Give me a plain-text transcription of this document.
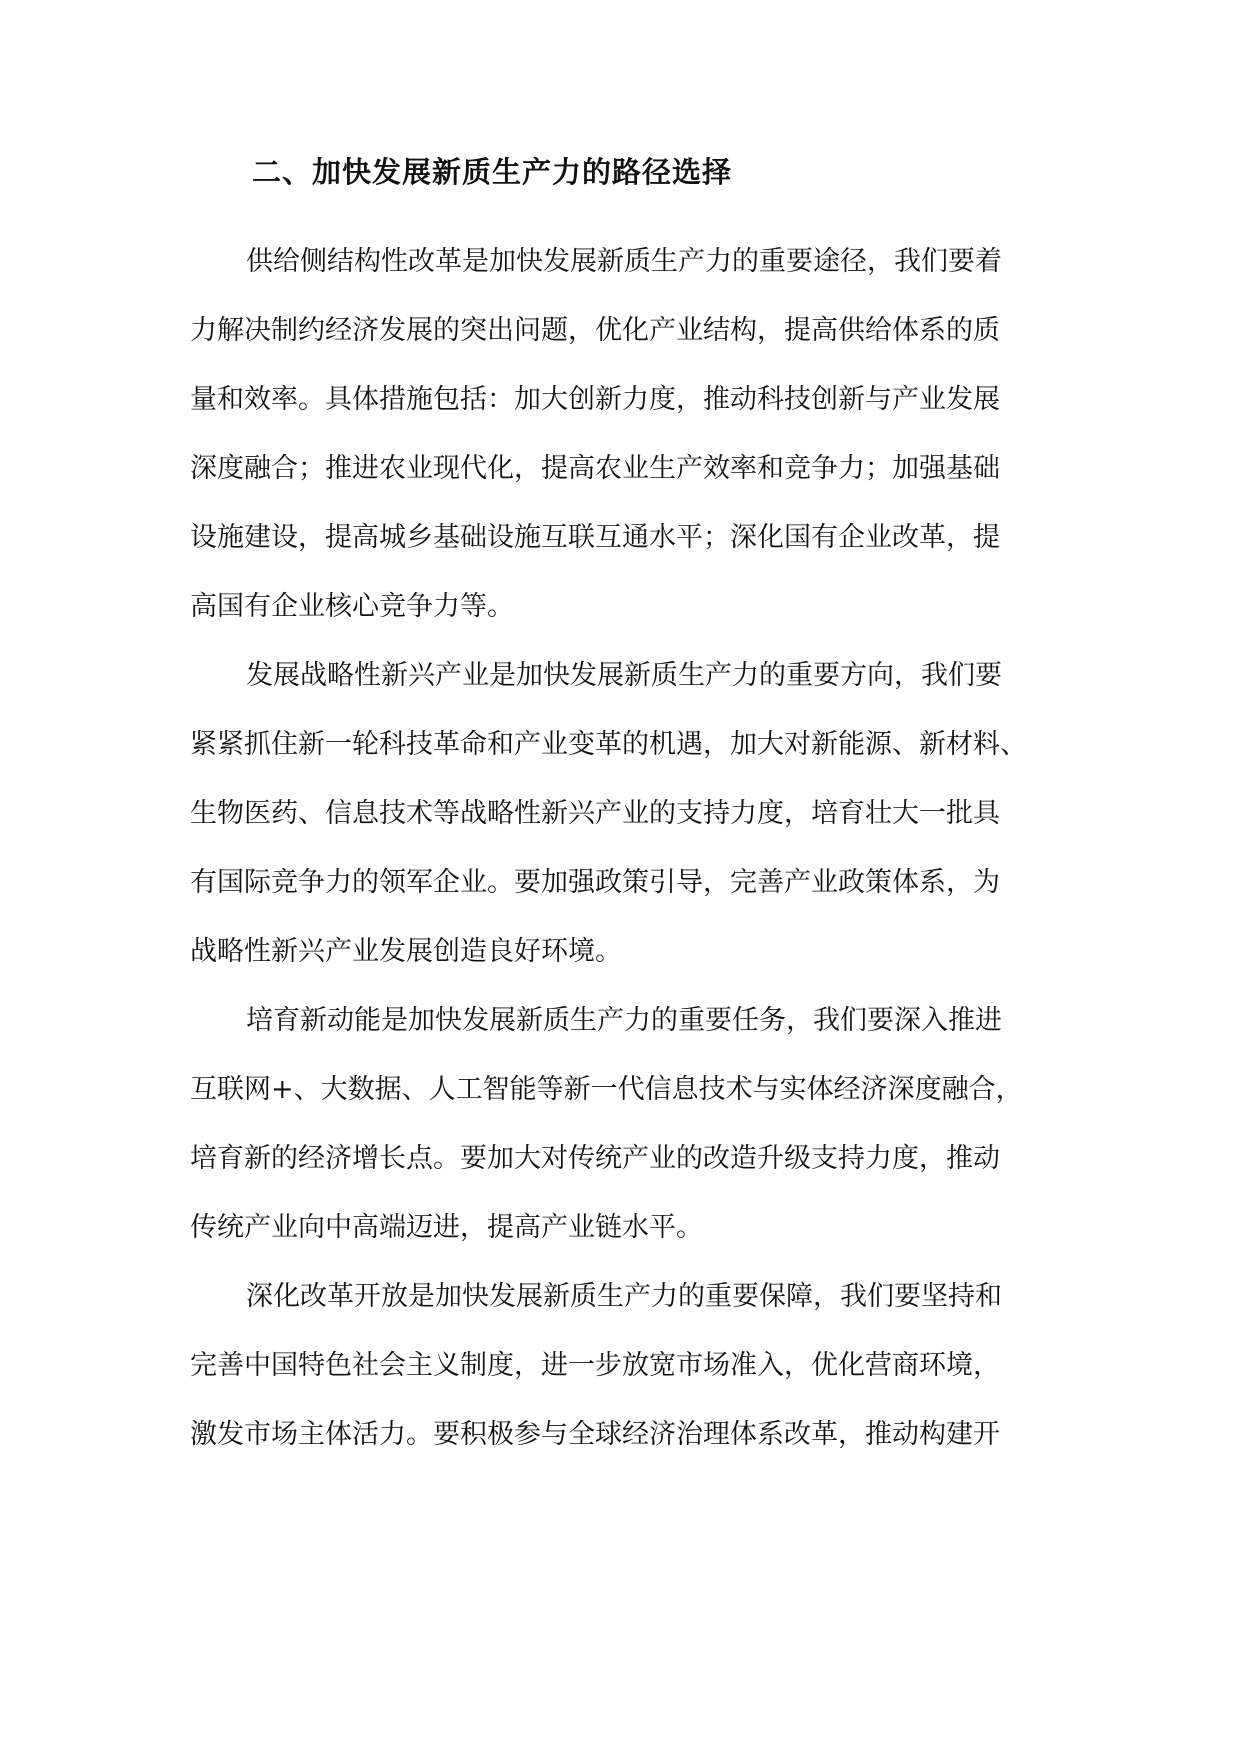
二、加快发展新质生产力的路径选择

供给侧结构性改革是加快发展新质生产力的重要途径，我们要着
力解决制约经济发展的突出问题，优化产业结构，提高供给体系的质
量和效率。具体措施包括：加大创新力度，推动科技创新与产业发展
深度融合；推进农业现代化，提高农业生产效率和竞争力；加强基础
设施建设，提高城乡基础设施互联互通水平；深化国有企业改革，提
高国有企业核心竞争力等。

发展战略性新兴产业是加快发展新质生产力的重要方向，我们要
紧紧抓住新一轮科技革命和产业变革的机遇，加大对新能源、新材料、
生物医药、信息技术等战略性新兴产业的支持力度，培育壮大一批具
有国际竞争力的领军企业。要加强政策引导，完善产业政策体系，为
战略性新兴产业发展创造良好环境。

培育新动能是加快发展新质生产力的重要任务，我们要深入推进
互联网+、大数据、人工智能等新一代信息技术与实体经济深度融合，
培育新的经济增长点。要加大对传统产业的改造升级支持力度，推动
传统产业向中高端迈进，提高产业链水平。

深化改革开放是加快发展新质生产力的重要保障，我们要坚持和
完善中国特色社会主义制度，进一步放宽市场准入，优化营商环境，
激发市场主体活力。要积极参与全球经济治理体系改革，推动构建开
